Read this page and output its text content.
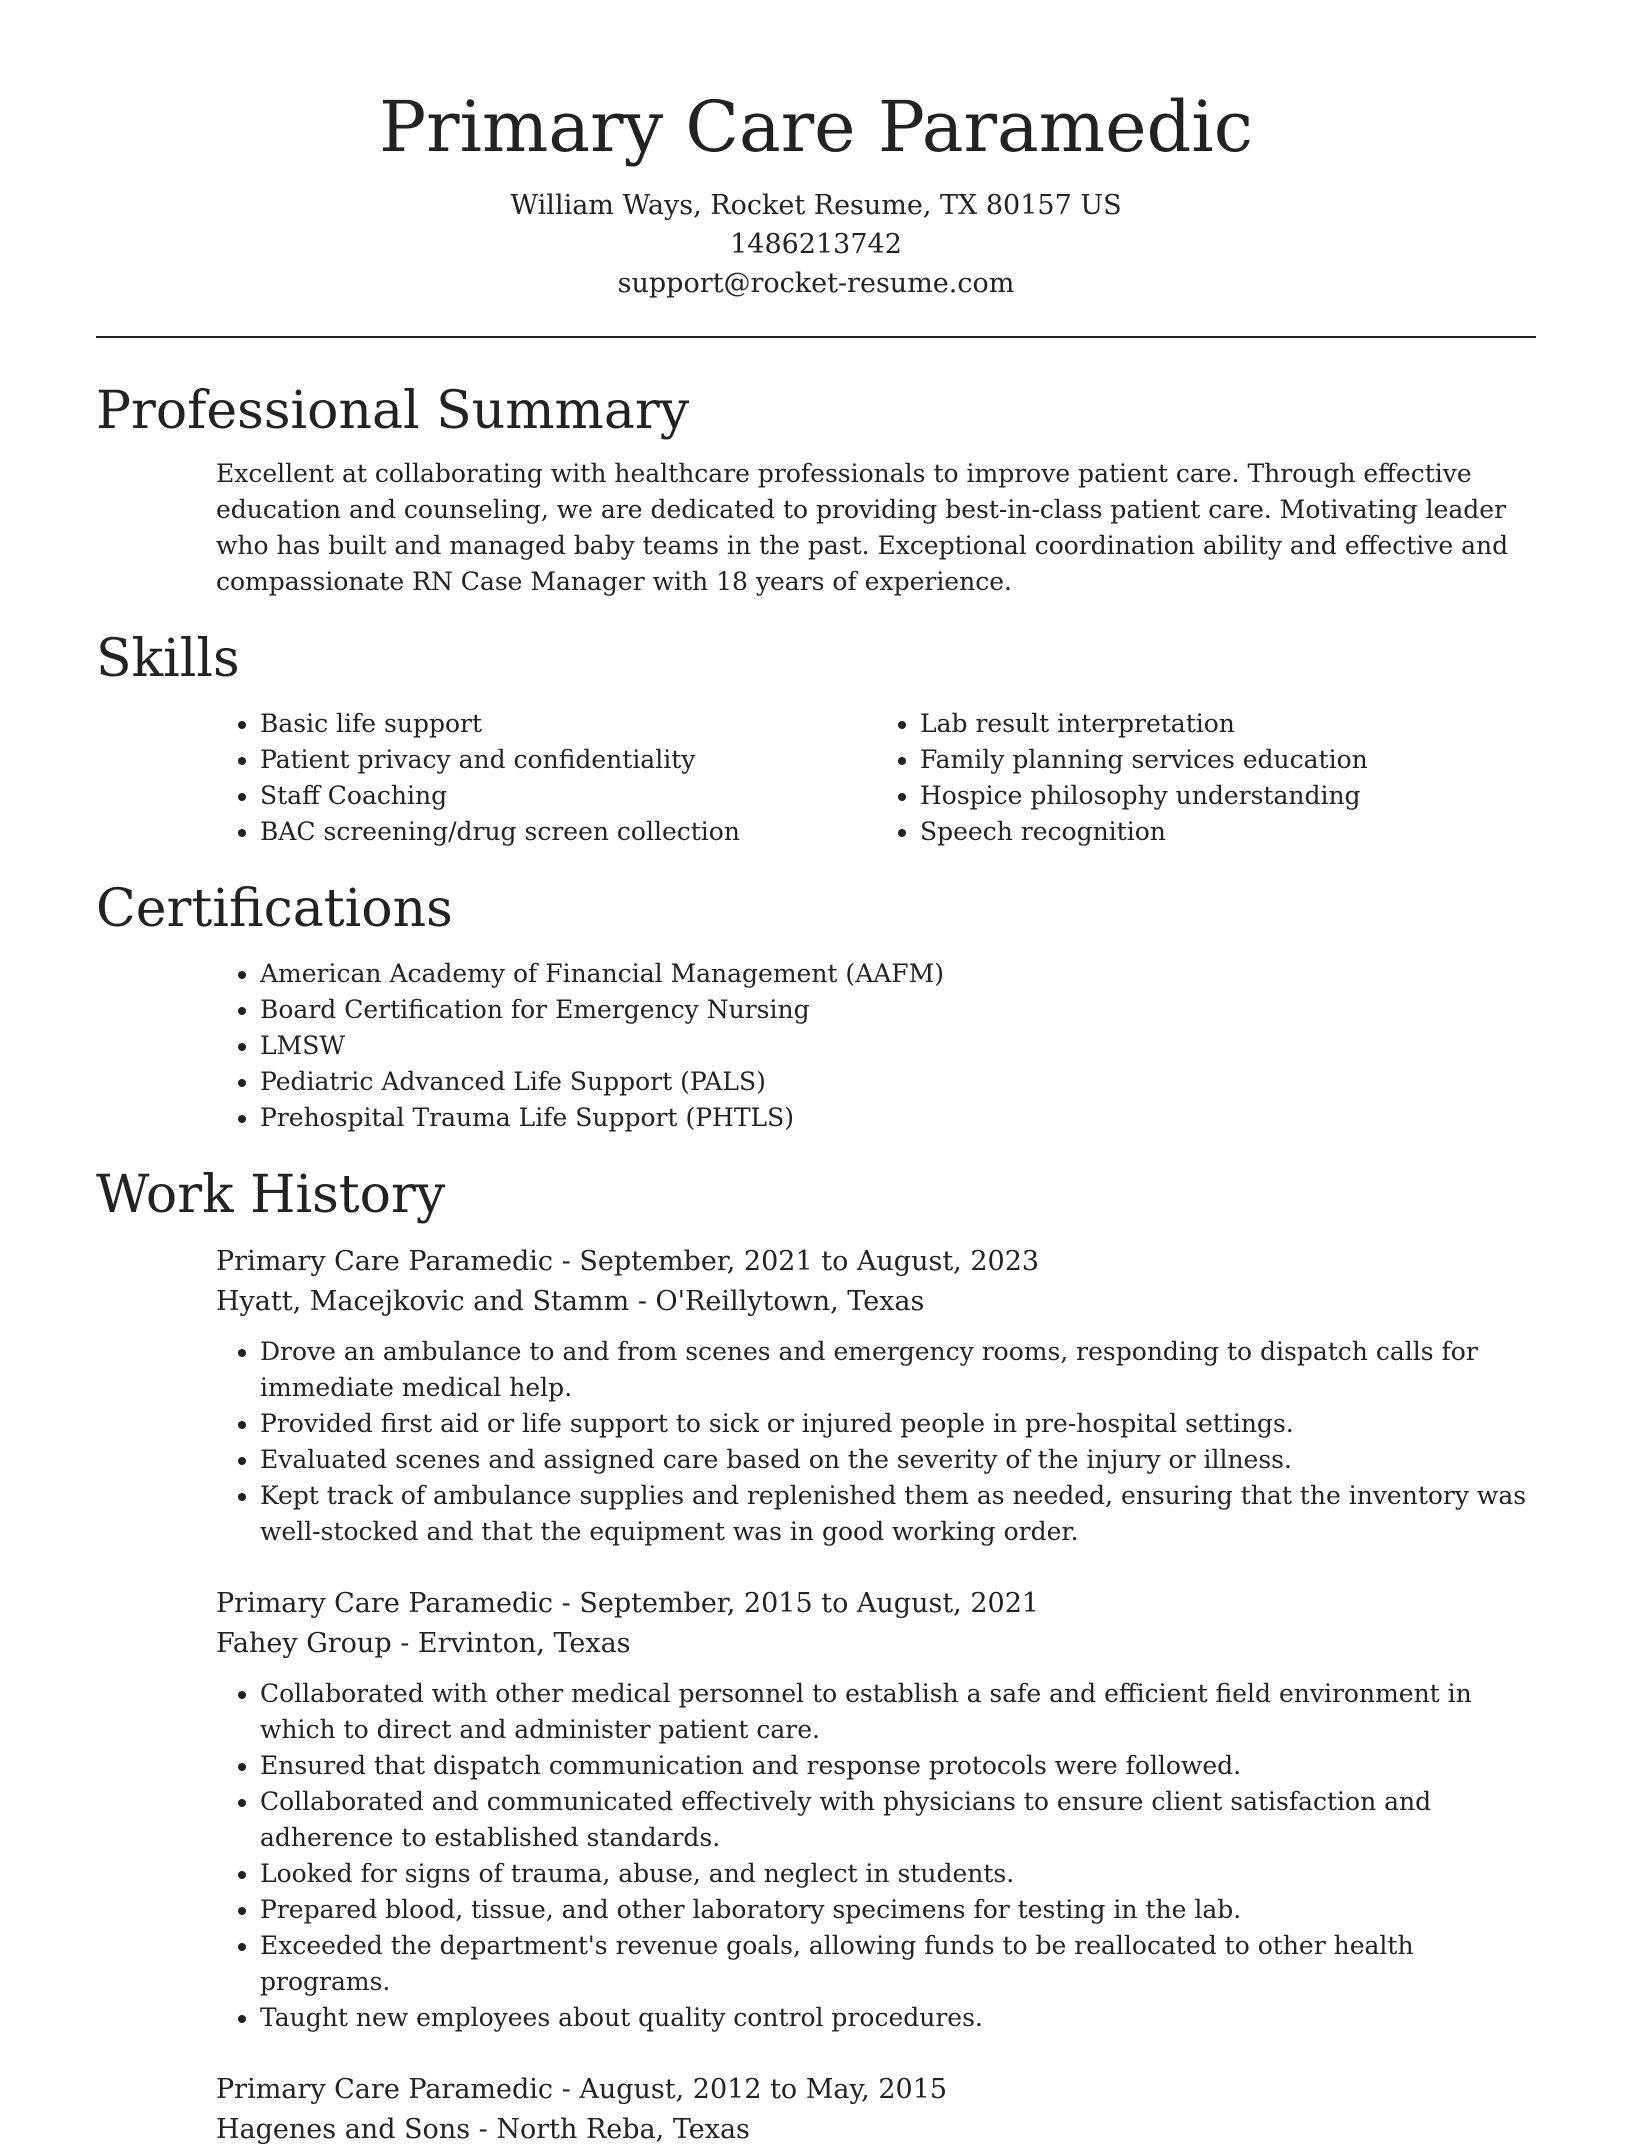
Primary Care Paramedic
William Ways, Rocket Resume, TX 80157 US
1486213742
support@rocket-resume.com
Professional Summary
Excellent at collaborating with healthcare professionals to improve patient care. Through effective education and counseling, we are dedicated to providing best-in-class patient care. Motivating leader who has built and managed baby teams in the past. Exceptional coordination ability and effective and compassionate RN Case Manager with 18 years of experience.
Skills
• Basic life support
• Patient privacy and confidentiality
• Staff Coaching
• BAC screening/drug screen collection
• Lab result interpretation
• Family planning services education
• Hospice philosophy understanding
• Speech recognition
Certifications
• American Academy of Financial Management (AAFM)
• Board Certification for Emergency Nursing
• LMSW
• Pediatric Advanced Life Support (PALS)
• Prehospital Trauma Life Support (PHTLS)
Work History
Primary Care Paramedic - September, 2021 to August, 2023
Hyatt, Macejkovic and Stamm - O'Reillytown, Texas
• Drove an ambulance to and from scenes and emergency rooms, responding to dispatch calls for immediate medical help.
• Provided first aid or life support to sick or injured people in pre-hospital settings.
• Evaluated scenes and assigned care based on the severity of the injury or illness.
• Kept track of ambulance supplies and replenished them as needed, ensuring that the inventory was well-stocked and that the equipment was in good working order.
Primary Care Paramedic - September, 2015 to August, 2021
Fahey Group - Ervinton, Texas
• Collaborated with other medical personnel to establish a safe and efficient field environment in which to direct and administer patient care.
• Ensured that dispatch communication and response protocols were followed.
• Collaborated and communicated effectively with physicians to ensure client satisfaction and adherence to established standards.
• Looked for signs of trauma, abuse, and neglect in students.
• Prepared blood, tissue, and other laboratory specimens for testing in the lab.
• Exceeded the department's revenue goals, allowing funds to be reallocated to other health programs.
• Taught new employees about quality control procedures.
Primary Care Paramedic - August, 2012 to May, 2015
Hagenes and Sons - North Reba, Texas
